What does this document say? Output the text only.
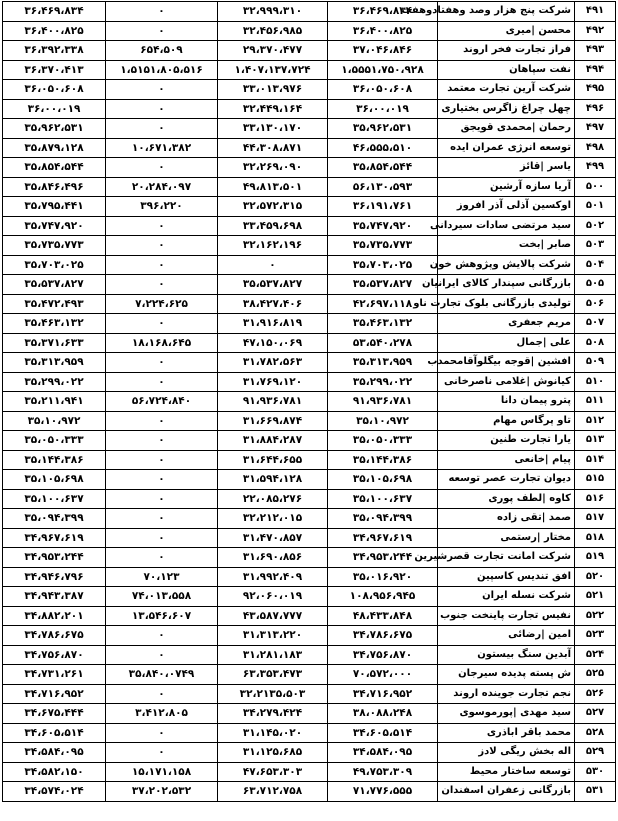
۴۹۱	شرکت پنج هزار وصد وهفتادوهفت	۳۶،۴۶۹،۸۳۴	۳۲،۹۹۹،۳۱۰	۰	۳۶،۴۶۹،۸۳۴
۴۹۲	محسن |میری	۳۶،۴۰۰،۸۲۵	۳۲،۴۵۶،۹۸۵	۰	۳۶،۴۰۰،۸۲۵
۴۹۳	فراز تجارت فخر اروند	۳۷،۰۴۶،۸۴۶	۲۹،۳۷۰،۴۷۷	۶۵۴،۵۰۹	۳۶،۳۹۲،۳۳۸
۴۹۴	نفت سپاهان	۱،۵۵۵۱،۷۵۰،۹۲۸	۱،۴۰۷،۱۳۷،۷۲۴	۱،۵۱۵۱،۸۰۵،۵۱۶	۳۶،۳۷۰،۴۱۳
۴۹۵	شرکت آرین تجارت معتمد	۳۶،۰۵۰،۶۰۸	۳۳،۰۱۳،۹۷۶	۰	۳۶،۰۵۰،۶۰۸
۴۹۶	چهل چراغ زاگرس بختیاری	۳۶،۰۰،۰۱۹	۳۲،۴۴۹،۱۶۴	۰	۳۶،۰۰،۰۱۹
۴۹۷	رحمان |محمدی قویجق	۳۵،۹۶۲،۵۳۱	۳۳،۱۳۰،۱۷۰	۰	۳۵،۹۶۲،۵۳۱
۴۹۸	توسعه انرژی عمران ایده	۴۶،۵۵۵،۵۱۰	۴۴،۳۰۸،۸۷۱	۱۰،۶۷۱،۳۸۲	۳۵،۸۷۹،۱۲۸
۴۹۹	یاسر |قائز	۳۵،۸۵۴،۵۴۴	۳۲،۲۶۹،۰۹۰	۰	۳۵،۸۵۴،۵۴۴
۵۰۰	آریا سازه آرشین	۵۶،۱۳۰،۵۹۳	۴۹،۸۱۳،۵۰۱	۲۰،۲۸۴،۰۹۷	۳۵،۸۴۶،۴۹۶
۵۰۱	اوکسین آذلی آذر افروز	۳۶،۱۹۱،۷۶۱	۳۲،۵۷۲،۳۱۵	۳۹۶،۲۲۰	۳۵،۷۹۵،۴۴۱
۵۰۲	سید مرتضی سادات سیردانی	۳۵،۷۴۷،۹۲۰	۳۳،۴۵۹،۶۹۸	۰	۳۵،۷۴۷،۹۲۰
۵۰۳	صابر |بخت	۳۵،۷۳۵،۷۷۳	۳۲،۱۶۲،۱۹۶	۰	۳۵،۷۳۵،۷۷۳
۵۰۴	شرکت پالایش وپژوهش خون	۳۵،۷۰۳،۰۲۵	۰	۰	۳۵،۷۰۳،۰۲۵
۵۰۵	بازرگانی سپندار کالای ایرانیان	۳۵،۵۳۷،۸۲۷	۳۵،۵۳۷،۸۲۷	۰	۳۵،۵۳۷،۸۲۷
۵۰۶	تولیدی بازرگانی بلوک تجارت ناو	۴۲،۶۹۷،۱۱۸	۳۸،۴۲۷،۴۰۶	۷،۲۲۴،۶۲۵	۳۵،۴۷۲،۴۹۳
۵۰۷	مریم جعفری	۳۵،۴۶۳،۱۳۲	۳۱،۹۱۶،۸۱۹	۰	۳۵،۴۶۳،۱۳۲
۵۰۸	علی |جمال	۵۳،۵۴۰،۲۷۸	۴۷،۱۵۰،۰۶۹	۱۸،۱۶۸،۶۴۵	۳۵،۳۷۱،۶۳۳
۵۰۹	افشین |قوجه بیگلوآقامحمدب	۳۵،۳۱۳،۹۵۹	۳۱،۷۸۲،۵۶۳	۰	۳۵،۳۱۳،۹۵۹
۵۱۰	کیانوش |غلامی ناصرخانی	۳۵،۲۹۹،۰۲۲	۳۱،۷۶۹،۱۲۰	۰	۳۵،۲۹۹،۰۲۲
۵۱۱	پترو پیمان دانا	۹۱،۹۳۶،۷۸۱	۹۱،۹۳۶،۷۸۱	۵۶،۷۲۴،۸۴۰	۳۵،۲۱۱،۹۴۱
۵۱۲	تاو پرگاس مهام	۳۵،۱۰،۹۷۲	۳۱،۶۶۹،۸۷۴	۰	۳۵،۱۰،۹۷۲
۵۱۳	یارا تجارت طنین	۳۵،۰۵۰،۳۳۳	۳۱،۸۸۴،۲۸۷	۰	۳۵،۰۵۰،۳۳۳
۵۱۴	پیام |خانعی	۳۵،۱۴۴،۳۸۶	۳۱،۶۴۴،۶۵۵	۰	۳۵،۱۴۴،۳۸۶
۵۱۵	دیوان تجارت عصر توسعه	۳۵،۱۰۵،۶۹۸	۳۱،۵۹۴،۱۲۸	۰	۳۵،۱۰۵،۶۹۸
۵۱۶	کاوه |لطف پوری	۳۵،۱۰۰،۶۳۷	۲۲،۰۸۵،۲۷۶	۰	۳۵،۱۰۰،۶۳۷
۵۱۷	صمد |تقی زاده	۳۵،۰۹۴،۳۹۹	۳۲،۲۱۲،۰۱۵	۰	۳۵،۰۹۴،۳۹۹
۵۱۸	مختار |رستمی	۳۴،۹۶۷،۶۱۹	۳۱،۴۷۰،۸۵۷	۰	۳۴،۹۶۷،۶۱۹
۵۱۹	شرکت امانت تجارت قصرشیرین	۳۴،۹۵۳،۲۴۴	۳۱،۶۹۰،۸۵۶	۰	۳۴،۹۵۳،۲۴۴
۵۲۰	افق تندیس کاسپین	۳۵،۰۱۶،۹۲۰	۳۱،۹۹۲،۴۰۹	۷۰،۱۲۳	۳۴،۹۴۶،۷۹۶
۵۲۱	شرکت نسله ایران	۱۰۸،۹۵۶،۹۴۵	۹۲،۰۶۰،۰۱۹	۷۴،۰۱۳،۵۵۸	۳۴،۹۴۳،۳۸۷
۵۲۲	نفیس تجارت پاینخت جنوب	۴۸،۴۳۳،۸۴۸	۴۳،۵۸۷،۷۷۷	۱۳،۵۴۶،۶۰۷	۳۴،۸۸۲،۲۰۱
۵۲۳	امین |رضائی	۳۴،۷۸۶،۶۷۵	۳۱،۳۱۳،۲۲۰	۰	۳۴،۷۸۶،۶۷۵
۵۲۴	آبدین سنگ بیستون	۳۴،۷۵۶،۸۷۰	۳۱،۲۸۱،۱۸۳	۰	۳۴،۷۵۶،۸۷۰
۵۲۵	ش پسته پدیده سیرجان	۷۰،۵۷۲،۰۰۰	۶۳،۳۵۳،۴۷۳	۳۵،۸۴۰،۰۷۴۹	۳۴،۷۳۱،۲۶۱
۵۲۶	نجم تجارت جوینده اروند	۳۴،۷۱۶،۹۵۲	۳۲،۲۱۳۵،۵۰۳	۰	۳۴،۷۱۶،۹۵۲
۵۲۷	سید مهدی |پورموسوی	۳۸،۰۸۸،۲۴۸	۳۴،۲۷۹،۴۲۴	۳،۴۱۲،۸۰۵	۳۴،۶۷۵،۴۴۴
۵۲۸	محمد باقر اباذری	۳۴،۶۰۵،۵۱۴	۳۱،۱۴۵،۰۲۰	۰	۳۴،۶۰۵،۵۱۴
۵۲۹	اله بخش ریگی لادز	۳۴،۵۸۴،۰۹۵	۳۱،۱۲۵،۶۸۵	۰	۳۴،۵۸۴،۰۹۵
۵۳۰	توسعه ساختار محیط	۴۹،۷۵۳،۳۰۹	۴۷،۶۵۳،۳۰۳	۱۵،۱۷۱،۱۵۸	۳۴،۵۸۲،۱۵۰
۵۳۱	بازرگانی زعفران اسفندان	۷۱،۷۷۶،۵۵۵	۶۳،۷۱۲،۷۵۸	۳۷،۲۰۲،۵۳۲	۳۴،۵۷۴،۰۲۴
